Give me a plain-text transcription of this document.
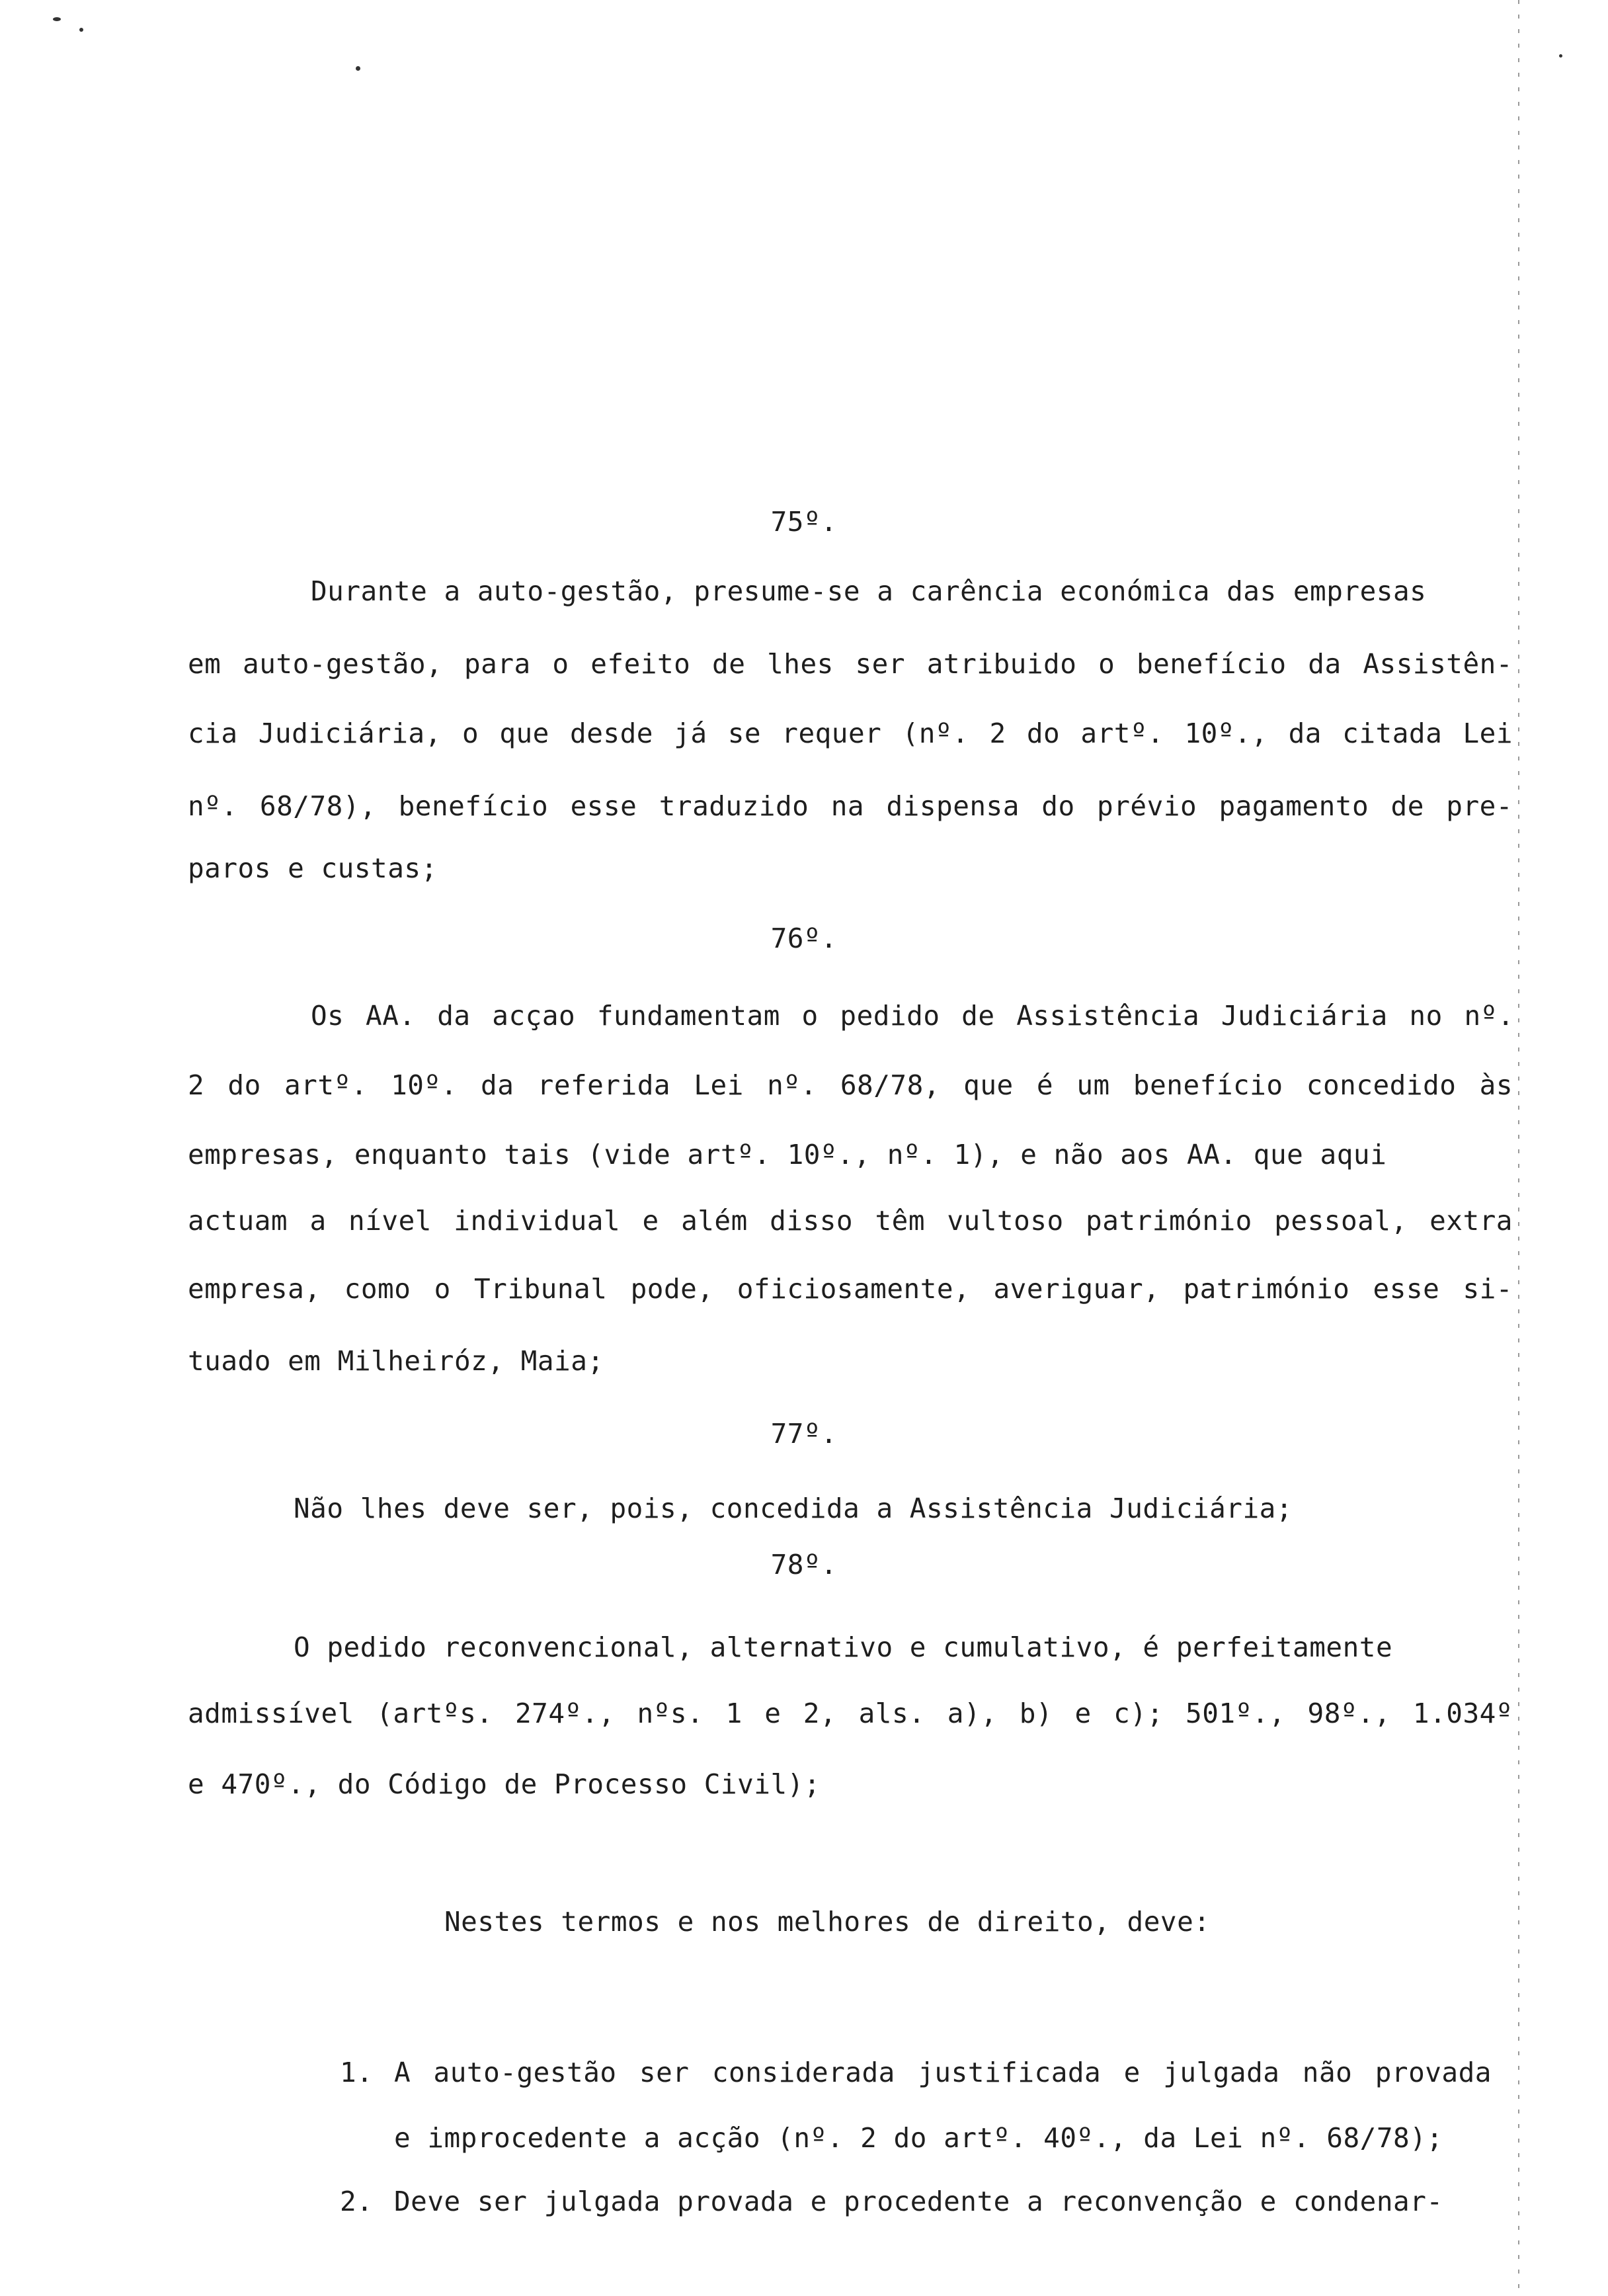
75º.
Durante a auto-gestão, presume-se a carência económica das empresas
em auto-gestão, para o efeito de lhes ser atribuido o benefício da Assistên-
cia Judiciária, o que desde já se requer (nº. 2 do artº. 10º., da citada Lei
nº. 68/78), benefício esse traduzido na dispensa do prévio pagamento de pre-
paros e custas;
76º.
Os AA. da acçao fundamentam o pedido de Assistência Judiciária no nº.
2 do artº. 10º. da referida Lei nº. 68/78, que é um benefício concedido às
empresas, enquanto tais (vide artº. 10º., nº. 1), e não aos AA. que aqui
actuam a nível individual e além disso têm vultoso património pessoal, extra
empresa, como o Tribunal pode, oficiosamente, averiguar, património esse si-
tuado em Milheiróz, Maia;
77º.
Não lhes deve ser, pois, concedida a Assistência Judiciária;
78º.
O pedido reconvencional, alternativo e cumulativo, é perfeitamente
admissível (artºs. 274º., nºs. 1 e 2, als. a), b) e c); 501º., 98º., 1.034º
e 470º., do Código de Processo Civil);
Nestes termos e nos melhores de direito, deve:
1. A auto-gestão ser considerada justificada e julgada não provada
e improcedente a acção (nº. 2 do artº. 40º., da Lei nº. 68/78);
2. Deve ser julgada provada e procedente a reconvenção e condenar-
